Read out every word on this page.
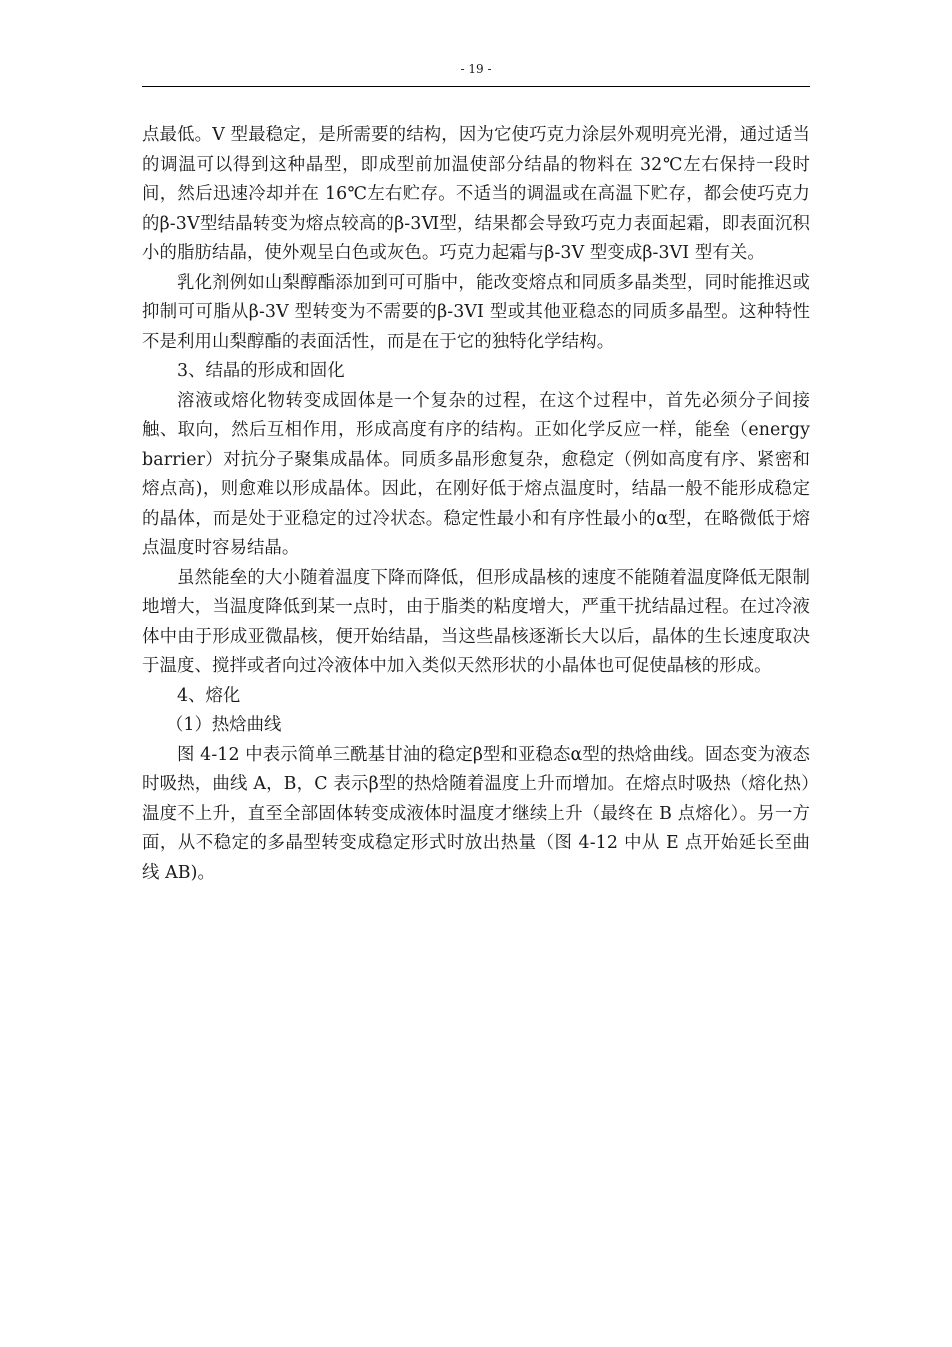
- 19 -

点最低。V 型最稳定，是所需要的结构，因为它使巧克力涂层外观明亮光滑，通过适当的调温可以得到这种晶型，即成型前加温使部分结晶的物料在 32℃左右保持一段时间，然后迅速冷却并在 16℃左右贮存。不适当的调温或在高温下贮存，都会使巧克力的β-3Ⅴ型结晶转变为熔点较高的β-3Ⅵ型，结果都会导致巧克力表面起霜，即表面沉积小的脂肪结晶，使外观呈白色或灰色。巧克力起霜与β-3V 型变成β-3VI 型有关。

乳化剂例如山梨醇酯添加到可可脂中，能改变熔点和同质多晶类型，同时能推迟或抑制可可脂从β-3V 型转变为不需要的β-3VI 型或其他亚稳态的同质多晶型。这种特性不是利用山梨醇酯的表面活性，而是在于它的独特化学结构。

3、结晶的形成和固化

溶液或熔化物转变成固体是一个复杂的过程，在这个过程中，首先必须分子间接触、取向，然后互相作用，形成高度有序的结构。正如化学反应一样，能垒（energy barrier）对抗分子聚集成晶体。同质多晶形愈复杂，愈稳定（例如高度有序、紧密和熔点高)，则愈难以形成晶体。因此，在刚好低于熔点温度时，结晶一般不能形成稳定的晶体，而是处于亚稳定的过冷状态。稳定性最小和有序性最小的α型，在略微低于熔点温度时容易结晶。

虽然能垒的大小随着温度下降而降低，但形成晶核的速度不能随着温度降低无限制地增大，当温度降低到某一点时，由于脂类的粘度增大，严重干扰结晶过程。在过冷液体中由于形成亚微晶核，便开始结晶，当这些晶核逐渐长大以后，晶体的生长速度取决于温度、搅拌或者向过冷液体中加入类似天然形状的小晶体也可促使晶核的形成。

4、熔化

（1）热焓曲线

图 4-12 中表示简单三酰基甘油的稳定β型和亚稳态α型的热焓曲线。固态变为液态时吸热，曲线 A，B，C 表示β型的热焓随着温度上升而增加。在熔点时吸热（熔化热）温度不上升，直至全部固体转变成液体时温度才继续上升（最终在 B 点熔化）。另一方面，从不稳定的多晶型转变成稳定形式时放出热量（图 4-12 中从 E 点开始延长至曲线 AB)。
